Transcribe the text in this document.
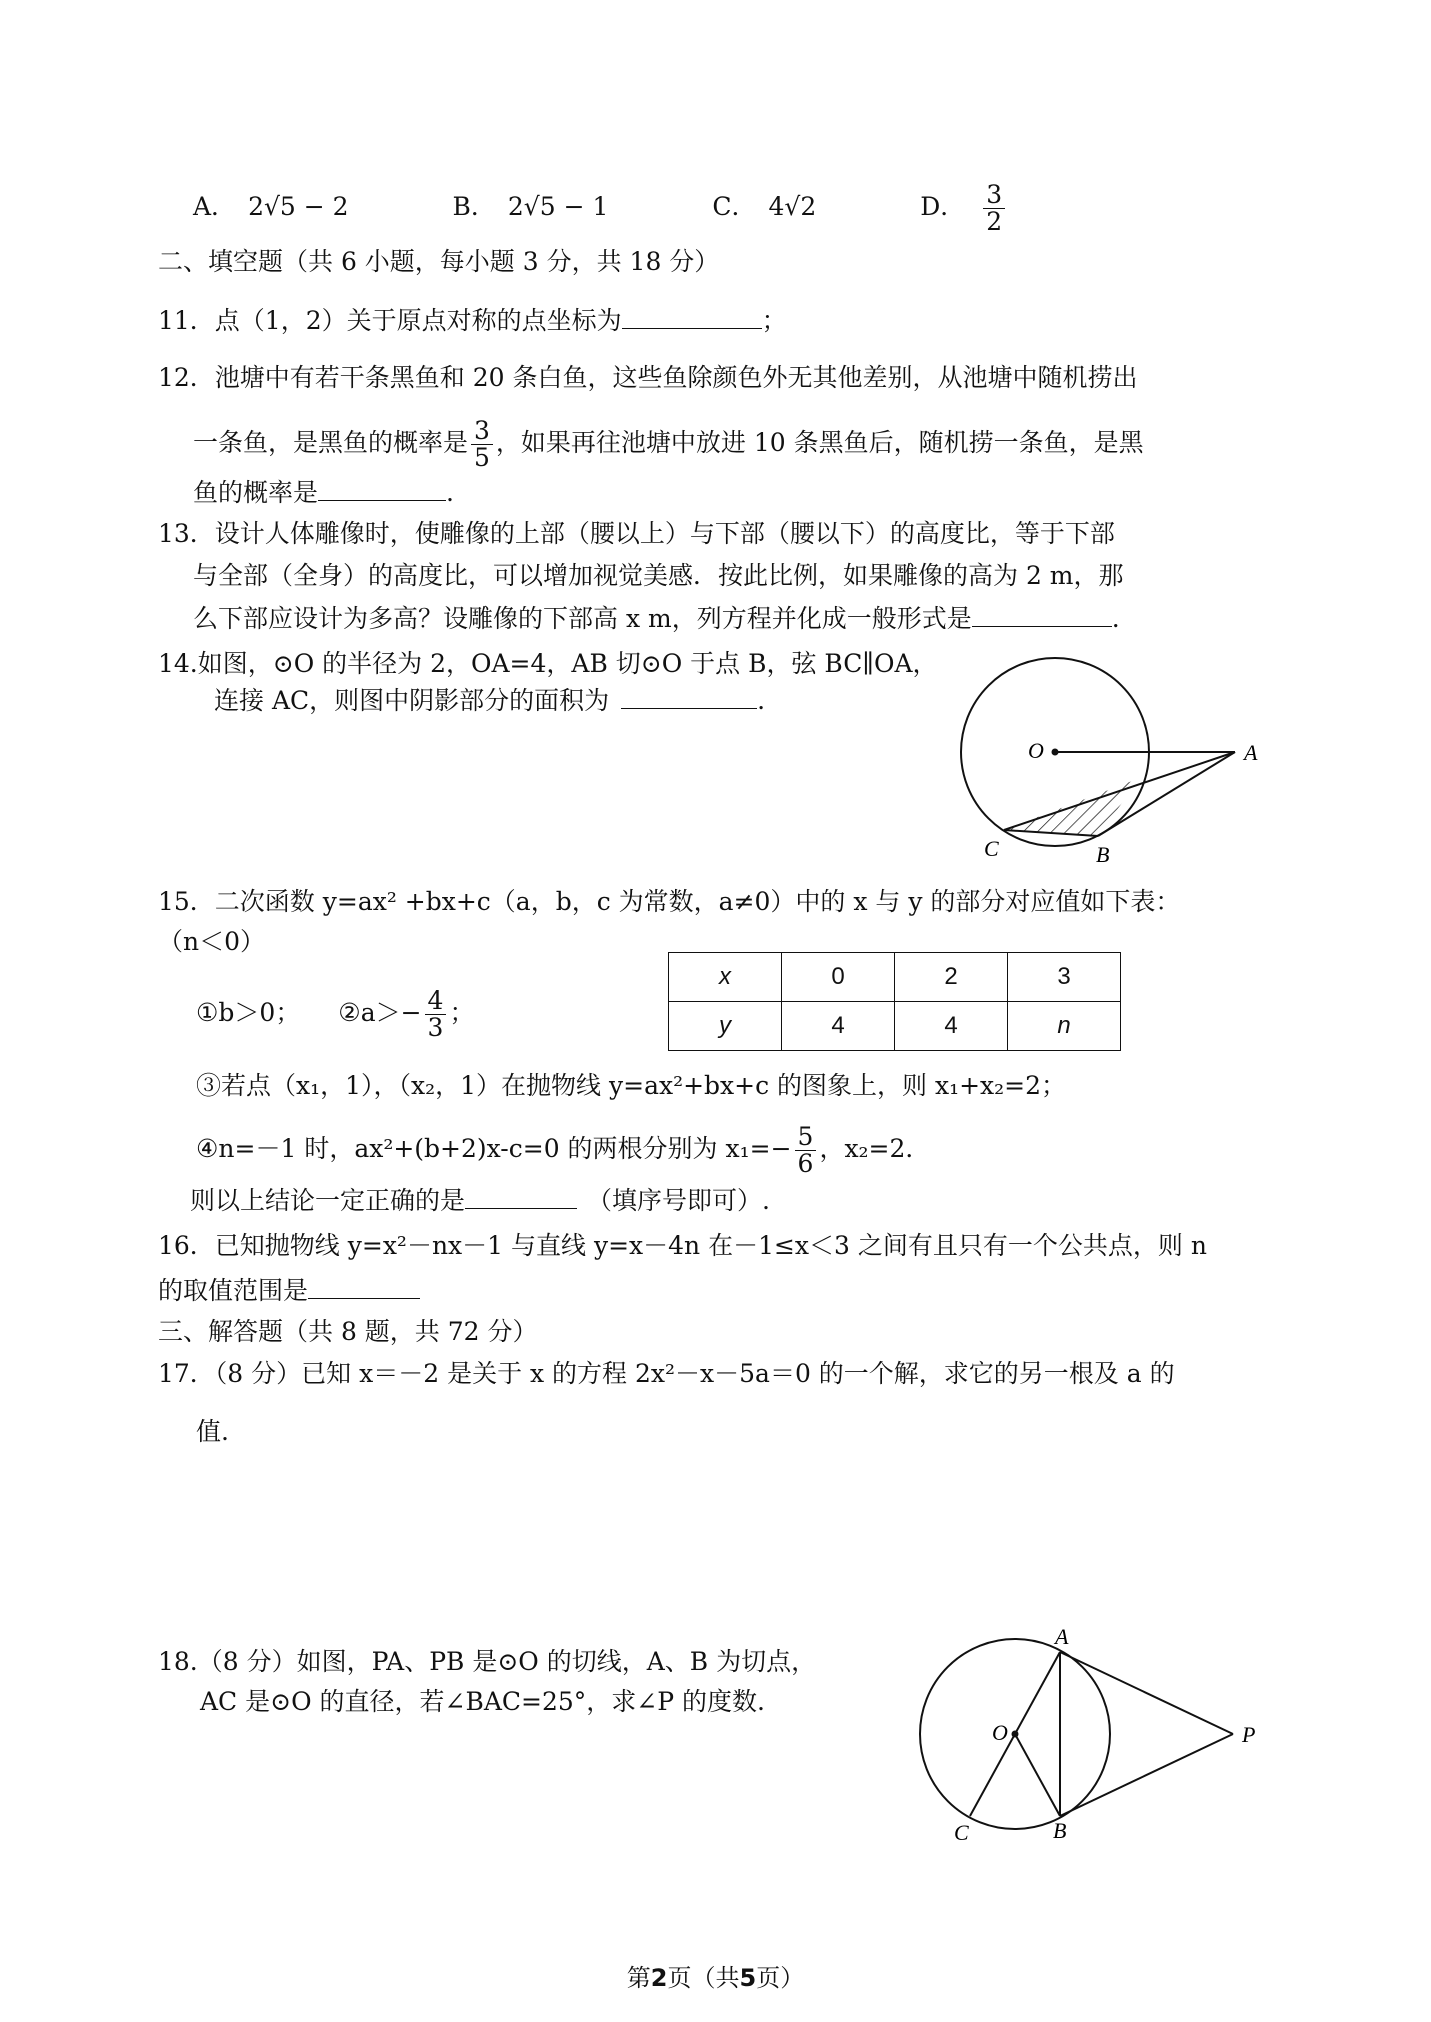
A． 2√5 − 2	B． 2√5 − 1	C． 4√2	D． $\frac{3}{2}$
二、填空题（共 6 小题，每小题 3 分，共 18 分）
11．点（1，2）关于原点对称的点坐标为	；
12．池塘中有若干条黑鱼和 20 条白鱼，这些鱼除颜色外无其他差别，从池塘中随机捞出
一条鱼，是黑鱼的概率是 $\frac{3}{5}$ ，如果再往池塘中放进 10 条黑鱼后，随机捞一条鱼，是黑
鱼的概率是	.
13．设计人体雕像时，使雕像的上部（腰以上）与下部（腰以下）的高度比，等于下部
与全部（全身）的高度比，可以增加视觉美感．按此比例，如果雕像的高为 2 m，那
么下部应设计为多高？设雕像的下部高 x m，列方程并化成一般形式是	.
14.如图，⊙O 的半径为 2，OA=4，AB 切⊙O 于点 B，弦 BC∥OA，
连接 AC，则图中阴影部分的面积为	.
O	A
B
C
15．二次函数 y=ax² +bx+c（a，b，c 为常数，a≠0）中的 x 与 y 的部分对应值如下表：
（n＜0）
①b＞0； ②a＞− $\frac{4}{3}$ ；
x	0	2	3
y	4	4	n
③若点（x₁，1），（x₂，1）在抛物线 y=ax²+bx+c 的图象上，则 x₁+x₂=2；
④n=－1 时，ax²+(b+2)x-c=0 的两根分别为 $x_1=- \frac{5}{6}$ ，x₂=2．
则以上结论一定正确的是	（填序号即可）.
16．已知抛物线 y=x²－nx－1 与直线 y=x－4n 在－1≤x＜3 之间有且只有一个公共点，则 n
的取值范围是
三、解答题（共 8 题，共 72 分）
17．（8 分）已知 x＝－2 是关于 x 的方程 2x²－x－5a＝0 的一个解，求它的另一根及 a 的
值.
18.（8 分）如图，PA、PB 是⊙O 的切线，A、B 为切点，
AC 是⊙O 的直径，若∠BAC=25°，求∠P 的度数.
A
O	P
C	B
第2页（共5页）
